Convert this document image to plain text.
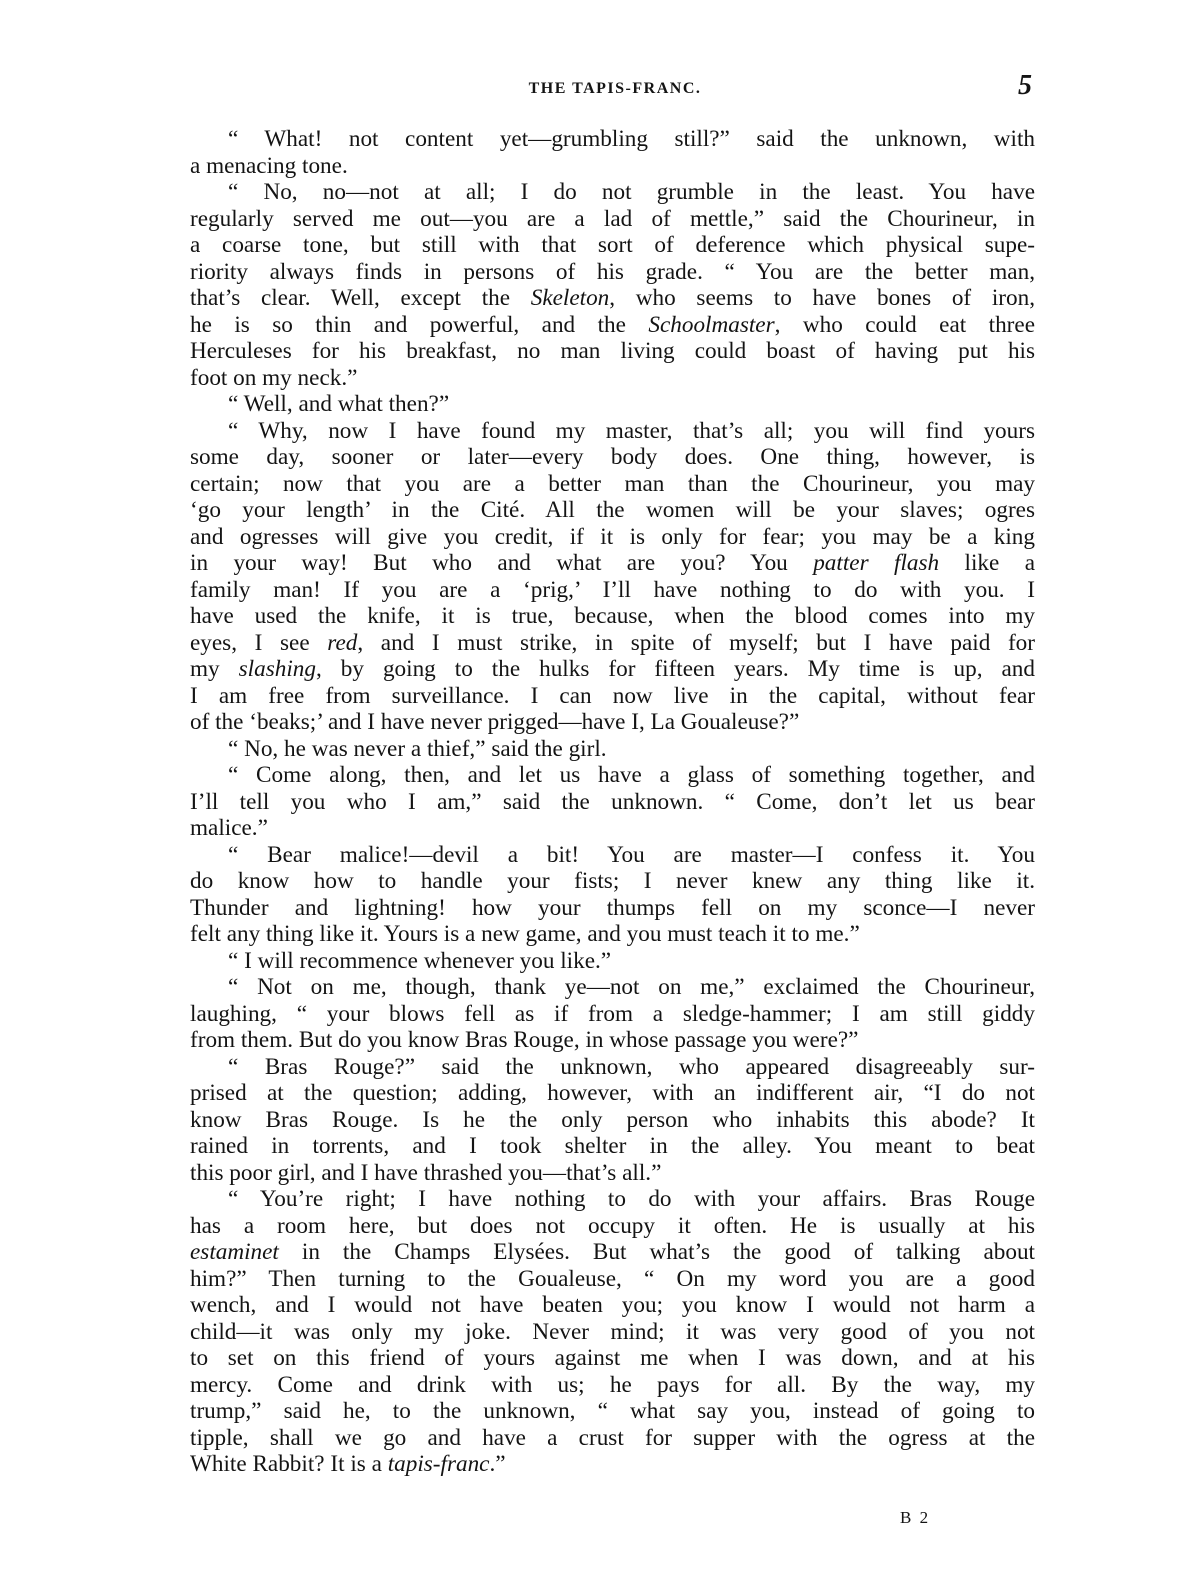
THE TAPIS-FRANC.	5
“ What! not content yet—grumbling still?” said the unknown, with
a menacing tone.
“ No, no—not at all; I do not grumble in the least. You have
regularly served me out—you are a lad of mettle,” said the Chourineur, in
a coarse tone, but still with that sort of deference which physical supe-
riority always finds in persons of his grade. “ You are the better man,
that’s clear. Well, except the Skeleton, who seems to have bones of iron,
he is so thin and powerful, and the Schoolmaster, who could eat three
Herculeses for his breakfast, no man living could boast of having put his
foot on my neck.”
“ Well, and what then?”
“ Why, now I have found my master, that’s all; you will find yours
some day, sooner or later—every body does. One thing, however, is
certain; now that you are a better man than the Chourineur, you may
‘go your length’ in the Cité. All the women will be your slaves; ogres
and ogresses will give you credit, if it is only for fear; you may be a king
in your way! But who and what are you? You patter flash like a
family man! If you are a ‘prig,’ I’ll have nothing to do with you. I
have used the knife, it is true, because, when the blood comes into my
eyes, I see red, and I must strike, in spite of myself; but I have paid for
my slashing, by going to the hulks for fifteen years. My time is up, and
I am free from surveillance. I can now live in the capital, without fear
of the ‘beaks;’ and I have never prigged—have I, La Goualeuse?”
“ No, he was never a thief,” said the girl.
“ Come along, then, and let us have a glass of something together, and
I’ll tell you who I am,” said the unknown. “ Come, don’t let us bear
malice.”
“ Bear malice!—devil a bit! You are master—I confess it. You
do know how to handle your fists; I never knew any thing like it.
Thunder and lightning! how your thumps fell on my sconce—I never
felt any thing like it. Yours is a new game, and you must teach it to me.”
“ I will recommence whenever you like.”
“ Not on me, though, thank ye—not on me,” exclaimed the Chourineur,
laughing, “ your blows fell as if from a sledge-hammer; I am still giddy
from them. But do you know Bras Rouge, in whose passage you were?”
“ Bras Rouge?” said the unknown, who appeared disagreeably sur-
prised at the question; adding, however, with an indifferent air, “I do not
know Bras Rouge. Is he the only person who inhabits this abode? It
rained in torrents, and I took shelter in the alley. You meant to beat
this poor girl, and I have thrashed you—that’s all.”
“ You’re right; I have nothing to do with your affairs. Bras Rouge
has a room here, but does not occupy it often. He is usually at his
estaminet in the Champs Elysées. But what’s the good of talking about
him?” Then turning to the Goualeuse, “ On my word you are a good
wench, and I would not have beaten you; you know I would not harm a
child—it was only my joke. Never mind; it was very good of you not
to set on this friend of yours against me when I was down, and at his
mercy. Come and drink with us; he pays for all. By the way, my
trump,” said he, to the unknown, “ what say you, instead of going to
tipple, shall we go and have a crust for supper with the ogress at the
White Rabbit? It is a tapis-franc.”
B 2
